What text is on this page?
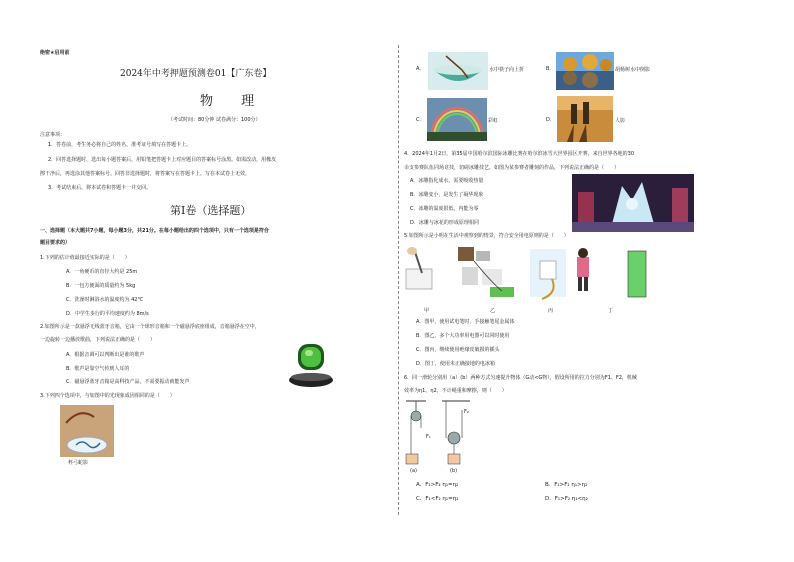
绝密★启用前
2024年中考押题预测卷01【广东卷】
物 理
（考试时间：80分钟 试卷满分：100分）
注意事项：
1．答卷前，考生务必将自己的姓名、准考证号填写在答题卡上。
2．回答选择题时，选出每小题答案后，用铅笔把答题卡上对应题目的答案标号涂黑。如需改动，用橡皮
擦干净后，再选涂其他答案标号。回答非选择题时，将答案写在答题卡上。写在本试卷上无效。
3．考试结束后，将本试卷和答题卡一并交回。
第Ⅰ卷（选择题）
一、选择题（本大题共7小题，每小题3分，共21分。在每小题给出的四个选项中，只有一个选项是符合
题目要求的）
1.下列的估计值最接近实际的是（　　）
A．一角硬币的直径大约是 25m
B．一包方便面的质量约为 5kg
C．洗澡时淋浴水的温度约为 42℃
D．中学生步行的平均速度约为 8m/s
2.如图所示是一款悬浮无线蓝牙音箱，它由一个球形音箱和一个磁悬浮底座组成，音箱悬浮在空中，
一边旋转一边播放歌曲，下列说法正确的是（　　）
A．根据音调可以判断出是谁的歌声
B．歌声是靠空气传到人耳的
C．磁悬浮蓝牙音箱是高科技产品，不需要振动就能发声
3.下列四个选项中，与如图中的光现象成因相同的是（　　）
杯弓蛇影
A．	水中筷子向上折	B．	胡杨树水中倒影
C．	彩虹	D．	人影
4．2024年1月2日，第35届中国哈尔滨国际冰雕比赛在哈尔滨冰雪大世界园区开赛，来自世界各地的30
余支参赛队伍同场竞技，切磋冰雕技艺。如图为某参赛者雕刻的作品，下列说法正确的是（　　）
A．冰雕指化成水，需要吸收热量
B．冰雕变小，是发生了凝华现象
C．冰雕的温度很低，内能为零
D．冰雕与冰花的形成原理相同
5.如图所示是小明在生活中观察到的情景，符合安全用电原则的是（　　）
甲	乙	丙	丁
A．图甲，使用试电笔时，手接触笔尾金属体
B．图乙，多个大功率用电器可以同时使用
C．图丙，继续使用绝缘皮破损的插头
D．图丁，使用未正确接地的电冰箱
6．同一滑轮分别用（a）(b）两种方式匀速提升物体（G动<G物），假设所用的拉力分别为F1、F2，机械
效率为η1、η2，不计绳重和摩擦，则（　　）
F₁
F₂
(a)	(b)
A．F₁>F₂ η₁=η₂	B．F₁>F₂ η₁>η₂
C．F₁<F₂ η₁=η₂	D．F₁>F₂ η₁<η₂
